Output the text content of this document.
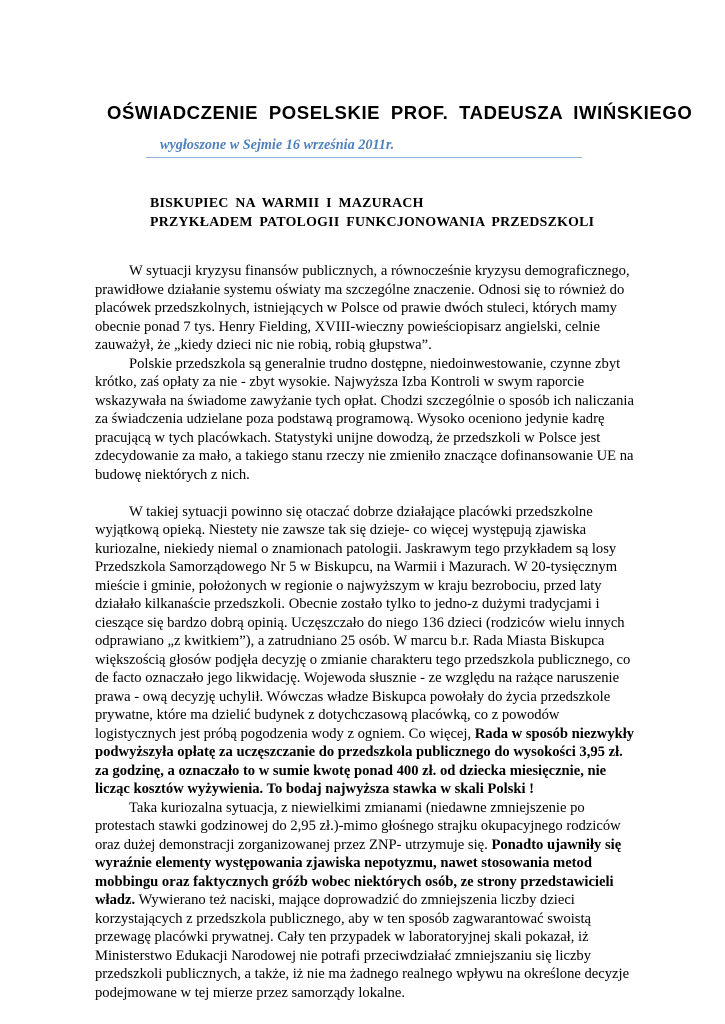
OŚWIADCZENIE POSELSKIE PROF. TADEUSZA IWIŃSKIEGO
wygłoszone w Sejmie 16 września 2011r.
BISKUPIEC NA WARMII I MAZURACH
PRZYKŁADEM PATOLOGII FUNKCJONOWANIA PRZEDSZKOLI
W sytuacji kryzysu finansów publicznych, a równocześnie kryzysu demograficznego,
prawidłowe działanie systemu oświaty ma szczególne znaczenie. Odnosi się to również do
placówek przedszkolnych, istniejących w Polsce od prawie dwóch stuleci, których mamy
obecnie ponad 7 tys. Henry Fielding, XVIII-wieczny powieściopisarz angielski, celnie
zauważył, że „kiedy dzieci nic nie robią, robią głupstwa”.
Polskie przedszkola są generalnie trudno dostępne, niedoinwestowanie, czynne zbyt
krótko, zaś opłaty za nie - zbyt wysokie. Najwyższa Izba Kontroli w swym raporcie
wskazywała na świadome zawyżanie tych opłat. Chodzi szczególnie o sposób ich naliczania
za świadczenia udzielane poza podstawą programową. Wysoko oceniono jedynie kadrę
pracującą w tych placówkach. Statystyki unijne dowodzą, że przedszkoli w Polsce jest
zdecydowanie za mało, a takiego stanu rzeczy nie zmieniło znaczące dofinansowanie UE na
budowę niektórych z nich.
W takiej sytuacji powinno się otaczać dobrze działające placówki przedszkolne
wyjątkową opieką. Niestety nie zawsze tak się dzieje- co więcej występują zjawiska
kuriozalne, niekiedy niemal o znamionach patologii. Jaskrawym tego przykładem są losy
Przedszkola Samorządowego Nr 5 w Biskupcu, na Warmii i Mazurach. W 20-tysięcznym
mieście i gminie, położonych w regionie o najwyższym w kraju bezrobociu, przed laty
działało kilkanaście przedszkoli. Obecnie zostało tylko to jedno-z dużymi tradycjami i
cieszące się bardzo dobrą opinią. Uczęszczało do niego 136 dzieci (rodziców wielu innych
odprawiano „z kwitkiem”), a zatrudniano 25 osób. W marcu b.r. Rada Miasta Biskupca
większością głosów podjęła decyzję o zmianie charakteru tego przedszkola publicznego, co
de facto oznaczało jego likwidację. Wojewoda słusznie - ze względu na rażące naruszenie
prawa - ową decyzję uchylił. Wówczas władze Biskupca powołały do życia przedszkole
prywatne, które ma dzielić budynek z dotychczasową placówką, co z powodów
logistycznych jest próbą pogodzenia wody z ogniem. Co więcej, Rada w sposób niezwykły
podwyższyła opłatę za uczęszczanie do przedszkola publicznego do wysokości 3,95 zł.
za godzinę, a oznaczało to w sumie kwotę ponad 400 zł. od dziecka miesięcznie, nie
licząc kosztów wyżywienia. To bodaj najwyższa stawka w skali Polski !
Taka kuriozalna sytuacja, z niewielkimi zmianami (niedawne zmniejszenie po
protestach stawki godzinowej do 2,95 zł.)-mimo głośnego strajku okupacyjnego rodziców
oraz dużej demonstracji zorganizowanej przez ZNP- utrzymuje się. Ponadto ujawniły się
wyraźnie elementy występowania zjawiska nepotyzmu, nawet stosowania metod
mobbingu oraz faktycznych gróźb wobec niektórych osób, ze strony przedstawicieli
władz. Wywierano też naciski, mające doprowadzić do zmniejszenia liczby dzieci
korzystających z przedszkola publicznego, aby w ten sposób zagwarantować swoistą
przewagę placówki prywatnej. Cały ten przypadek w laboratoryjnej skali pokazał, iż
Ministerstwo Edukacji Narodowej nie potrafi przeciwdziałać zmniejszaniu się liczby
przedszkoli publicznych, a także, iż nie ma żadnego realnego wpływu na określone decyzje
podejmowane w tej mierze przez samorządy lokalne.
